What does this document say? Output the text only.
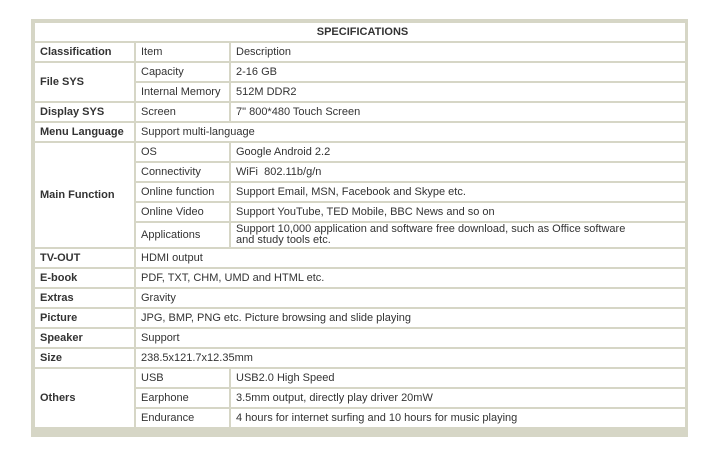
SPECIFICATIONS		
Classification	Item	Description
File SYS	Capacity	2-16 GB
	Internal Memory	512M DDR2
Display SYS	Screen	7" 800*480 Touch Screen
Menu Language	Support multi-language	
Main Function	OS	Google Android 2.2
	Connectivity	WiFi  802.11b/g/n
	Online function	Support Email, MSN, Facebook and Skype etc.
	Online Video	Support YouTube, TED Mobile, BBC News and so on
	Applications	Support 10,000 application and software free download, such as Office software
and study tools etc.

TV-OUT	HDMI output	
E-book	PDF, TXT, CHM, UMD and HTML etc.	
Extras	Gravity	
Picture	JPG, BMP, PNG etc. Picture browsing and slide playing	
Speaker	Support	
Size	238.5x121.7x12.35mm	
Others	USB	USB2.0 High Speed
	Earphone	3.5mm output, directly play driver 20mW
	Endurance	4 hours for internet surfing and 10 hours for music playing
